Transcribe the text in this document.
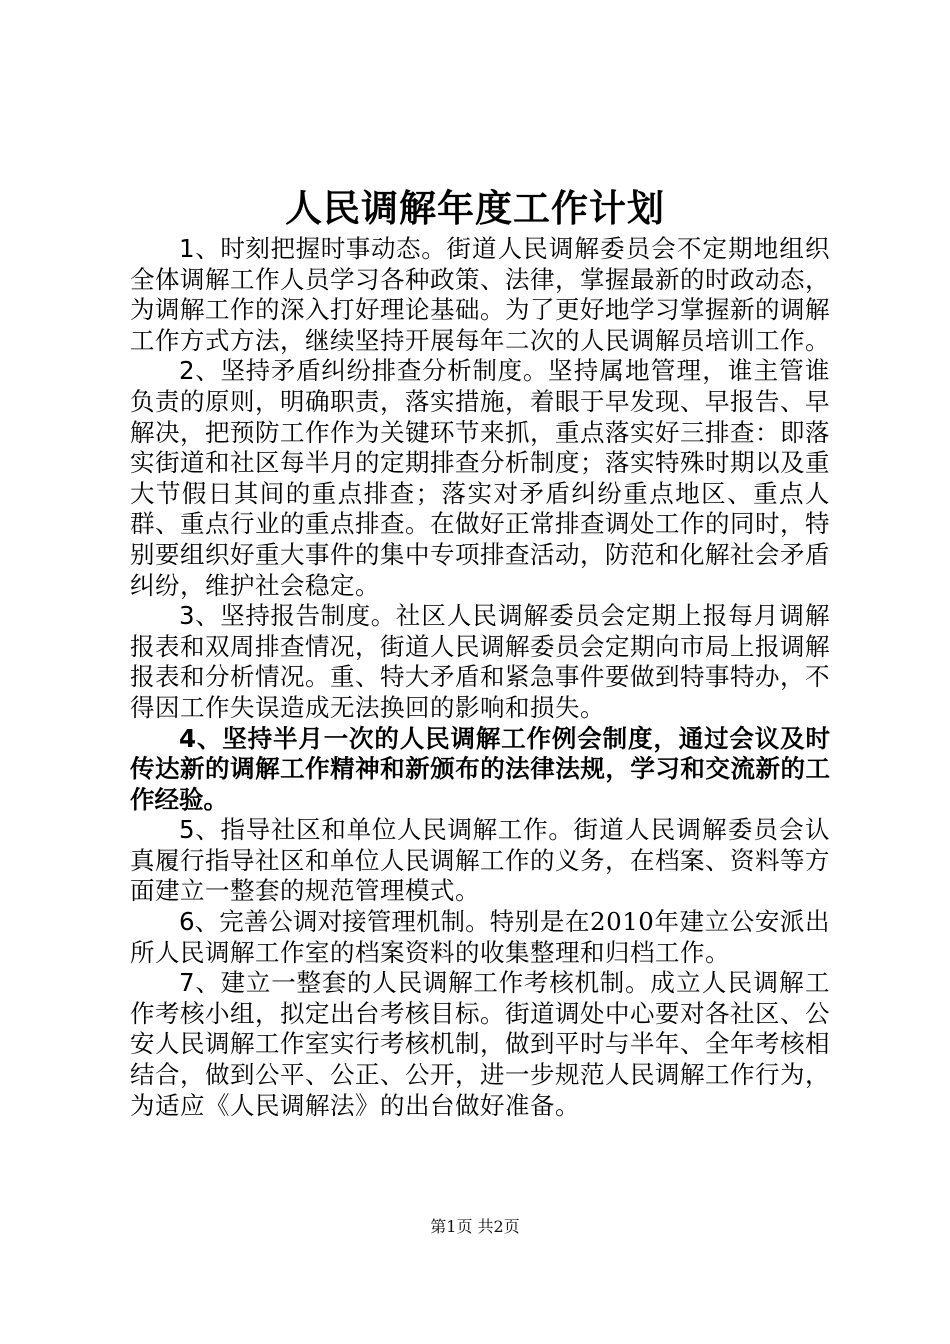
人民调解年度工作计划

1、时刻把握时事动态。街道人民调解委员会不定期地组织全体调解工作人员学习各种政策、法律，掌握最新的时政动态，为调解工作的深入打好理论基础。为了更好地学习掌握新的调解工作方式方法，继续坚持开展每年二次的人民调解员培训工作。

2、坚持矛盾纠纷排查分析制度。坚持属地管理，谁主管谁负责的原则，明确职责，落实措施，着眼于早发现、早报告、早解决，把预防工作作为关键环节来抓，重点落实好三排查：即落实街道和社区每半月的定期排查分析制度；落实特殊时期以及重大节假日其间的重点排查；落实对矛盾纠纷重点地区、重点人群、重点行业的重点排查。在做好正常排查调处工作的同时，特别要组织好重大事件的集中专项排查活动，防范和化解社会矛盾纠纷，维护社会稳定。

3、坚持报告制度。社区人民调解委员会定期上报每月调解报表和双周排查情况，街道人民调解委员会定期向市局上报调解报表和分析情况。重、特大矛盾和紧急事件要做到特事特办，不得因工作失误造成无法换回的影响和损失。

4、坚持半月一次的人民调解工作例会制度，通过会议及时传达新的调解工作精神和新颁布的法律法规，学习和交流新的工作经验。

5、指导社区和单位人民调解工作。街道人民调解委员会认真履行指导社区和单位人民调解工作的义务，在档案、资料等方面建立一整套的规范管理模式。

6、完善公调对接管理机制。特别是在2010年建立公安派出所人民调解工作室的档案资料的收集整理和归档工作。

7、建立一整套的人民调解工作考核机制。成立人民调解工作考核小组，拟定出台考核目标。街道调处中心要对各社区、公安人民调解工作室实行考核机制，做到平时与半年、全年考核相结合，做到公平、公正、公开，进一步规范人民调解工作行为，为适应《人民调解法》的出台做好准备。

第1页 共2页
